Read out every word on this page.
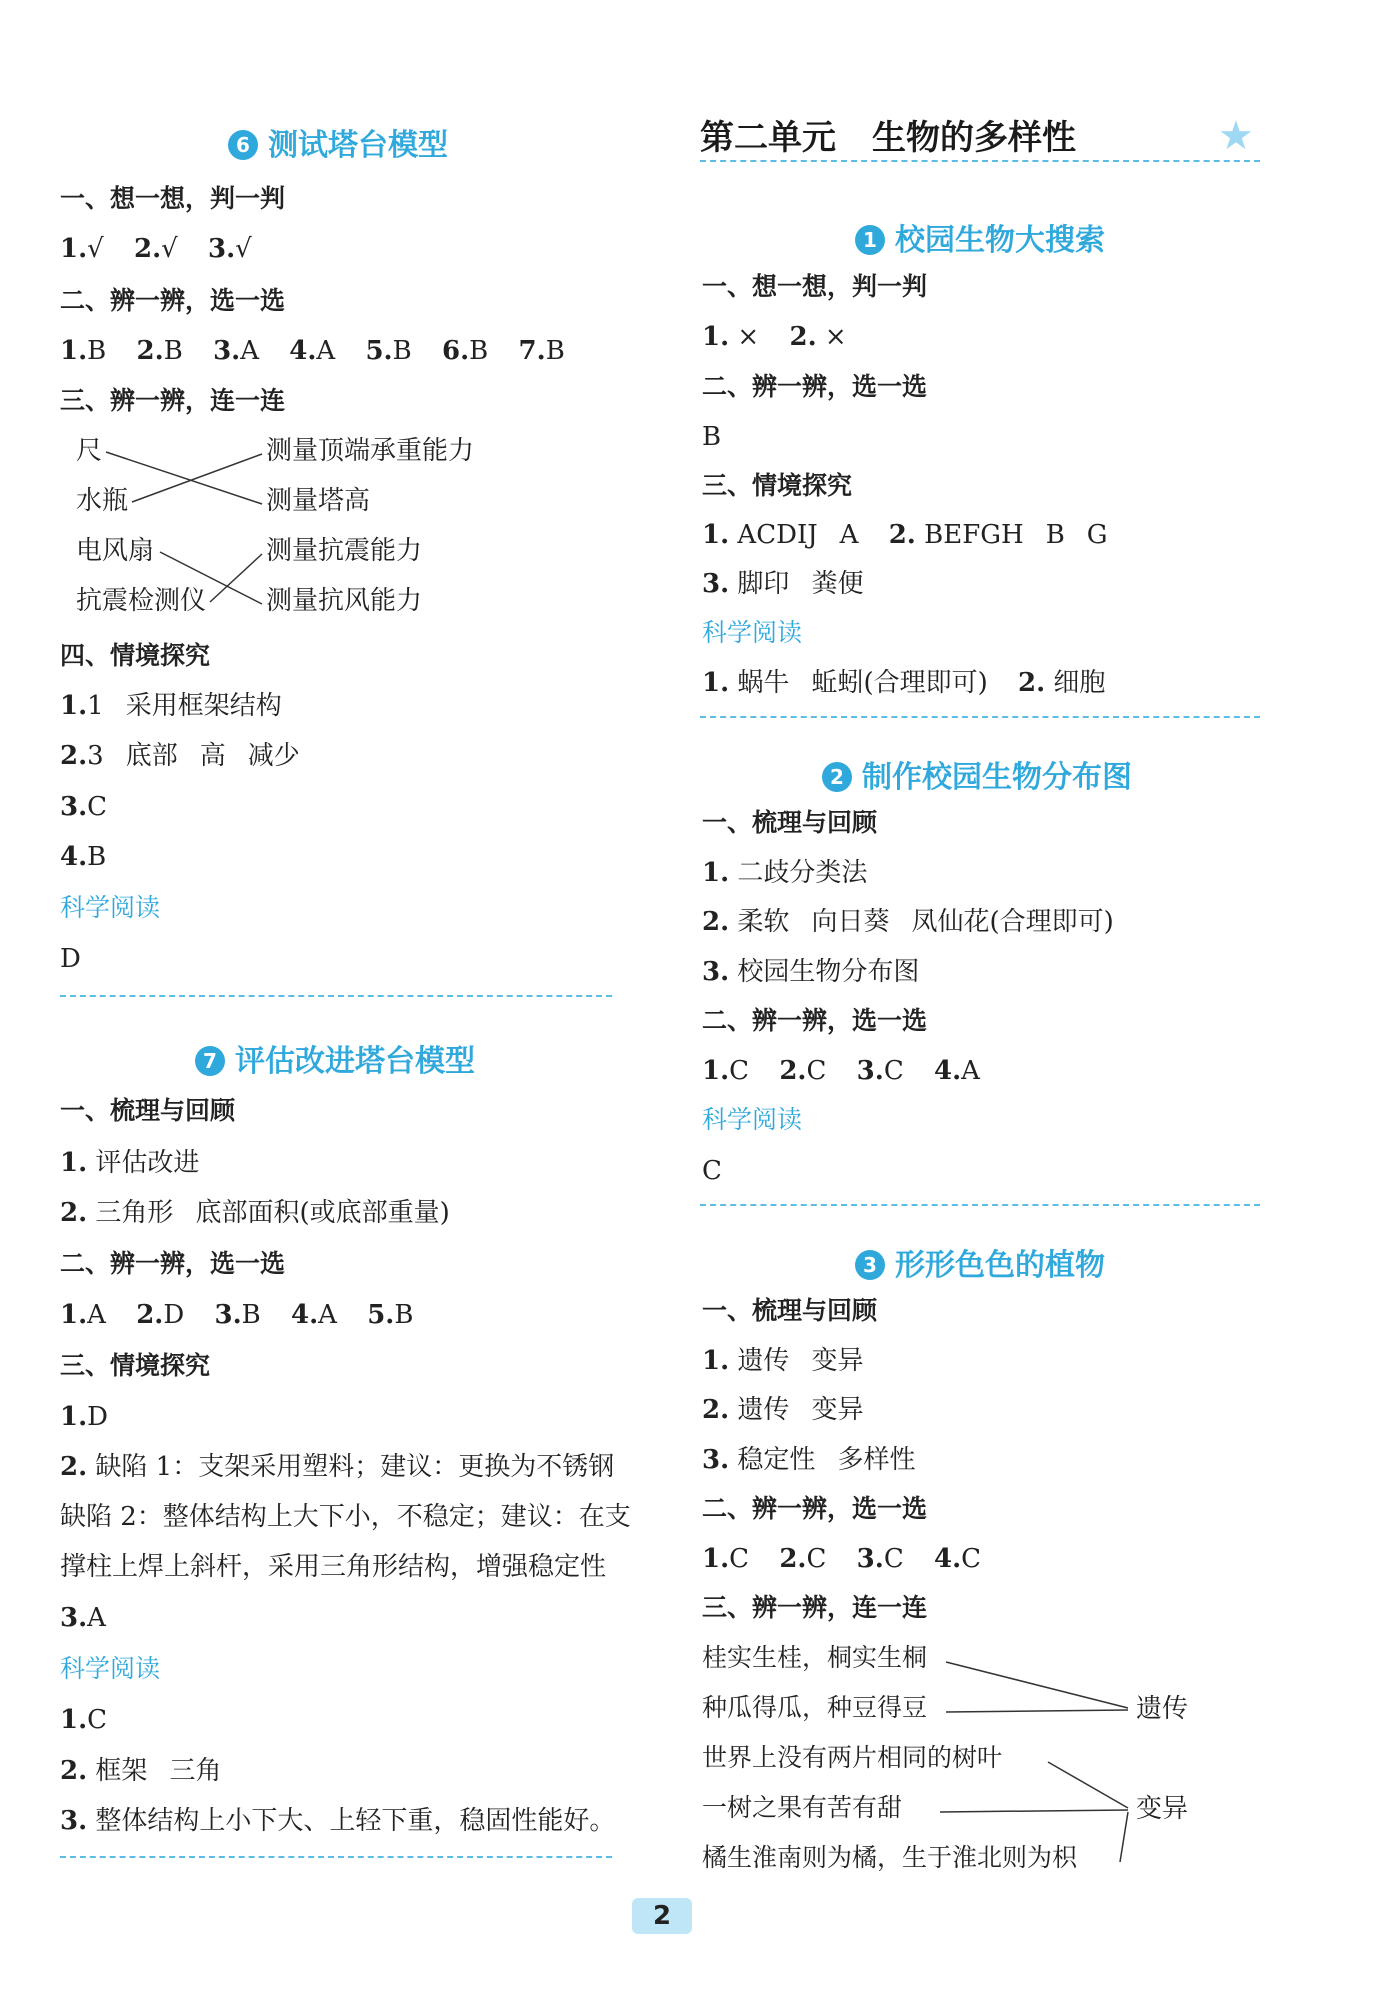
6 测试塔台模型
一、想一想，判一判
1.√ 2.√ 3.√
二、辨一辨，选一选
1.B 2.B 3.A 4.A 5.B 6.B 7.B
三、辨一辨，连一连
尺
水瓶
电风扇
抗震检测仪
测量顶端承重能力
测量塔高
测量抗震能力
测量抗风能力
四、情境探究
1.1 采用框架结构
2.3 底部 高 减少
3.C
4.B
科学阅读
D
7 评估改进塔台模型
一、梳理与回顾
1. 评估改进
2. 三角形 底部面积(或底部重量)
二、辨一辨，选一选
1.A 2.D 3.B 4.A 5.B
三、情境探究
1.D
2. 缺陷 1：支架采用塑料；建议：更换为不锈钢
缺陷 2：整体结构上大下小，不稳定；建议：在支
撑柱上焊上斜杆，采用三角形结构，增强稳定性
3.A
科学阅读
1.C
2. 框架 三角
3. 整体结构上小下大、上轻下重，稳固性能好。
第二单元 生物的多样性	★
1 校园生物大搜索
一、想一想，判一判
1. × 2. ×
二、辨一辨，选一选
B
三、情境探究
1. ACDIJ A 2. BEFGH B G
3. 脚印 粪便
科学阅读
1. 蜗牛 蚯蚓(合理即可) 2. 细胞
2 制作校园生物分布图
一、梳理与回顾
1. 二歧分类法
2. 柔软 向日葵 凤仙花(合理即可)
3. 校园生物分布图
二、辨一辨，选一选
1.C 2.C 3.C 4.A
科学阅读
C
3 形形色色的植物
一、梳理与回顾
1. 遗传 变异
2. 遗传 变异
3. 稳定性 多样性
二、辨一辨，选一选
1.C 2.C 3.C 4.C
三、辨一辨，连一连
桂实生桂，桐实生桐
种瓜得瓜，种豆得豆
世界上没有两片相同的树叶
一树之果有苦有甜
橘生淮南则为橘，生于淮北则为枳
遗传
变异
2
